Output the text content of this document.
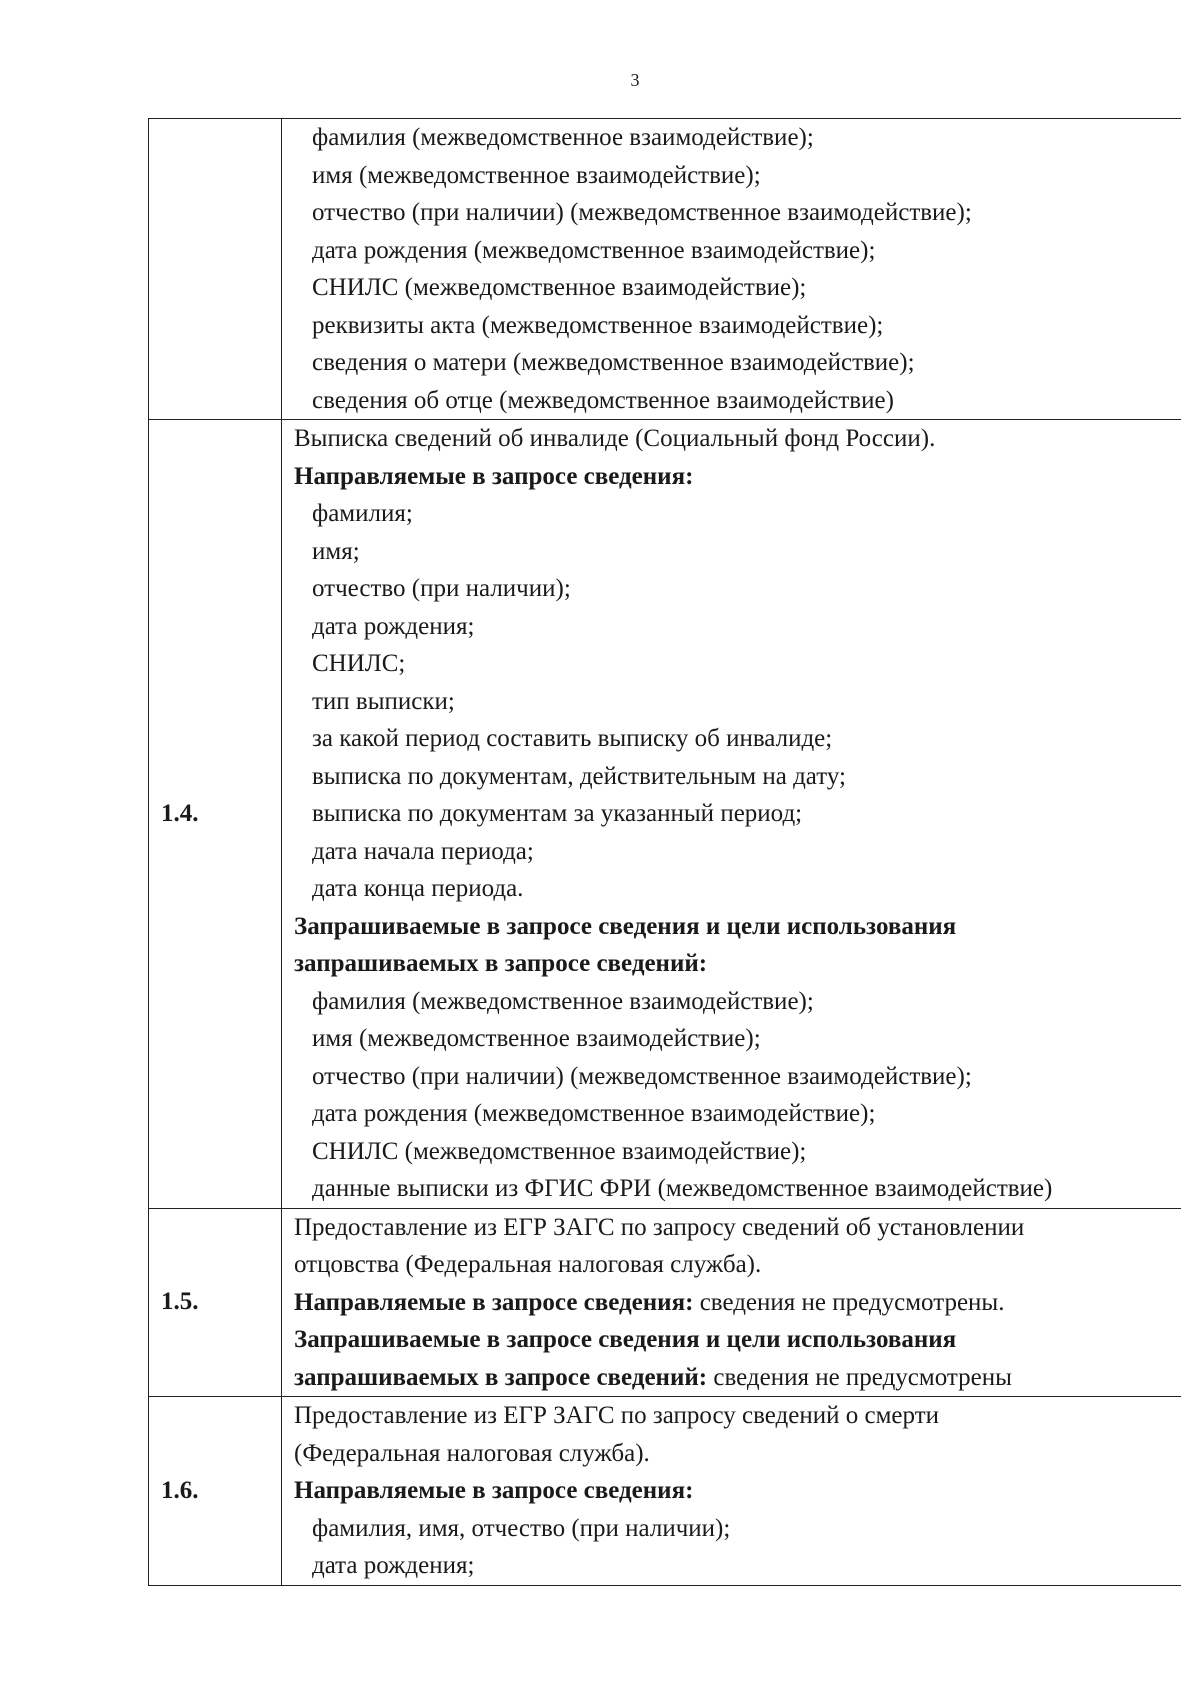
3
фамилия (межведомственное взаимодействие);
имя (межведомственное взаимодействие);
отчество (при наличии) (межведомственное взаимодействие);
дата рождения (межведомственное взаимодействие);
СНИЛС (межведомственное взаимодействие);
реквизиты акта (межведомственное взаимодействие);
сведения о матери (межведомственное взаимодействие);
сведения об отце (межведомственное взаимодействие)
1.4.
Выписка сведений об инвалиде (Социальный фонд России).
Направляемые в запросе сведения:
фамилия;
имя;
отчество (при наличии);
дата рождения;
СНИЛС;
тип выписки;
за какой период составить выписку об инвалиде;
выписка по документам, действительным на дату;
выписка по документам за указанный период;
дата начала периода;
дата конца периода.
Запрашиваемые в запросе сведения и цели использования
запрашиваемых в запросе сведений:
фамилия (межведомственное взаимодействие);
имя (межведомственное взаимодействие);
отчество (при наличии) (межведомственное взаимодействие);
дата рождения (межведомственное взаимодействие);
СНИЛС (межведомственное взаимодействие);
данные выписки из ФГИС ФРИ (межведомственное взаимодействие)
1.5.
Предоставление из ЕГР ЗАГС по запросу сведений об установлении
отцовства (Федеральная налоговая служба).
Направляемые в запросе сведения: сведения не предусмотрены.
Запрашиваемые в запросе сведения и цели использования
запрашиваемых в запросе сведений: сведения не предусмотрены
1.6.
Предоставление из ЕГР ЗАГС по запросу сведений о смерти
(Федеральная налоговая служба).
Направляемые в запросе сведения:
фамилия, имя, отчество (при наличии);
дата рождения;
